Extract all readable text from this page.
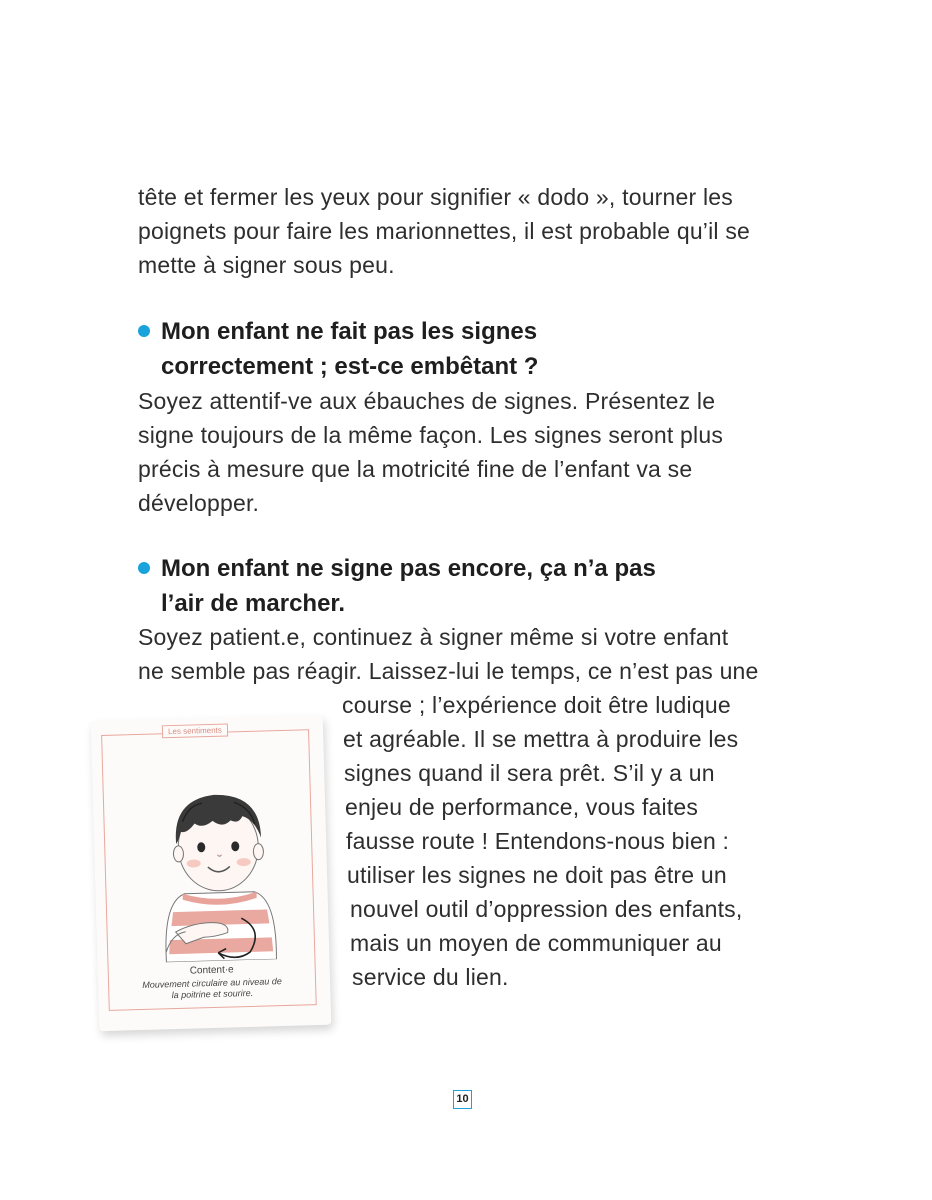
tête et fermer les yeux pour signifier « dodo », tourner les
poignets pour faire les marionnettes, il est probable qu’il se
mette à signer sous peu.
Mon enfant ne fait pas les signes
correctement ; est-ce embêtant ?
Soyez attentif-ve aux ébauches de signes. Présentez le
signe toujours de la même façon. Les signes seront plus
précis à mesure que la motricité fine de l’enfant va se
développer.
Mon enfant ne signe pas encore, ça n’a pas
l’air de marcher.
Soyez patient.e, continuez à signer même si votre enfant
ne semble pas réagir. Laissez-lui le temps, ce n’est pas une
course ; l’expérience doit être ludique
et agréable. Il se mettra à produire les
signes quand il sera prêt. S’il y a un
enjeu de performance, vous faites
fausse route ! Entendons-nous bien :
utiliser les signes ne doit pas être un
nouvel outil d’oppression des enfants,
mais un moyen de communiquer au
service du lien.
Les sentiments
Content·e
Mouvement circulaire au niveau de la poitrine et sourire.
10
